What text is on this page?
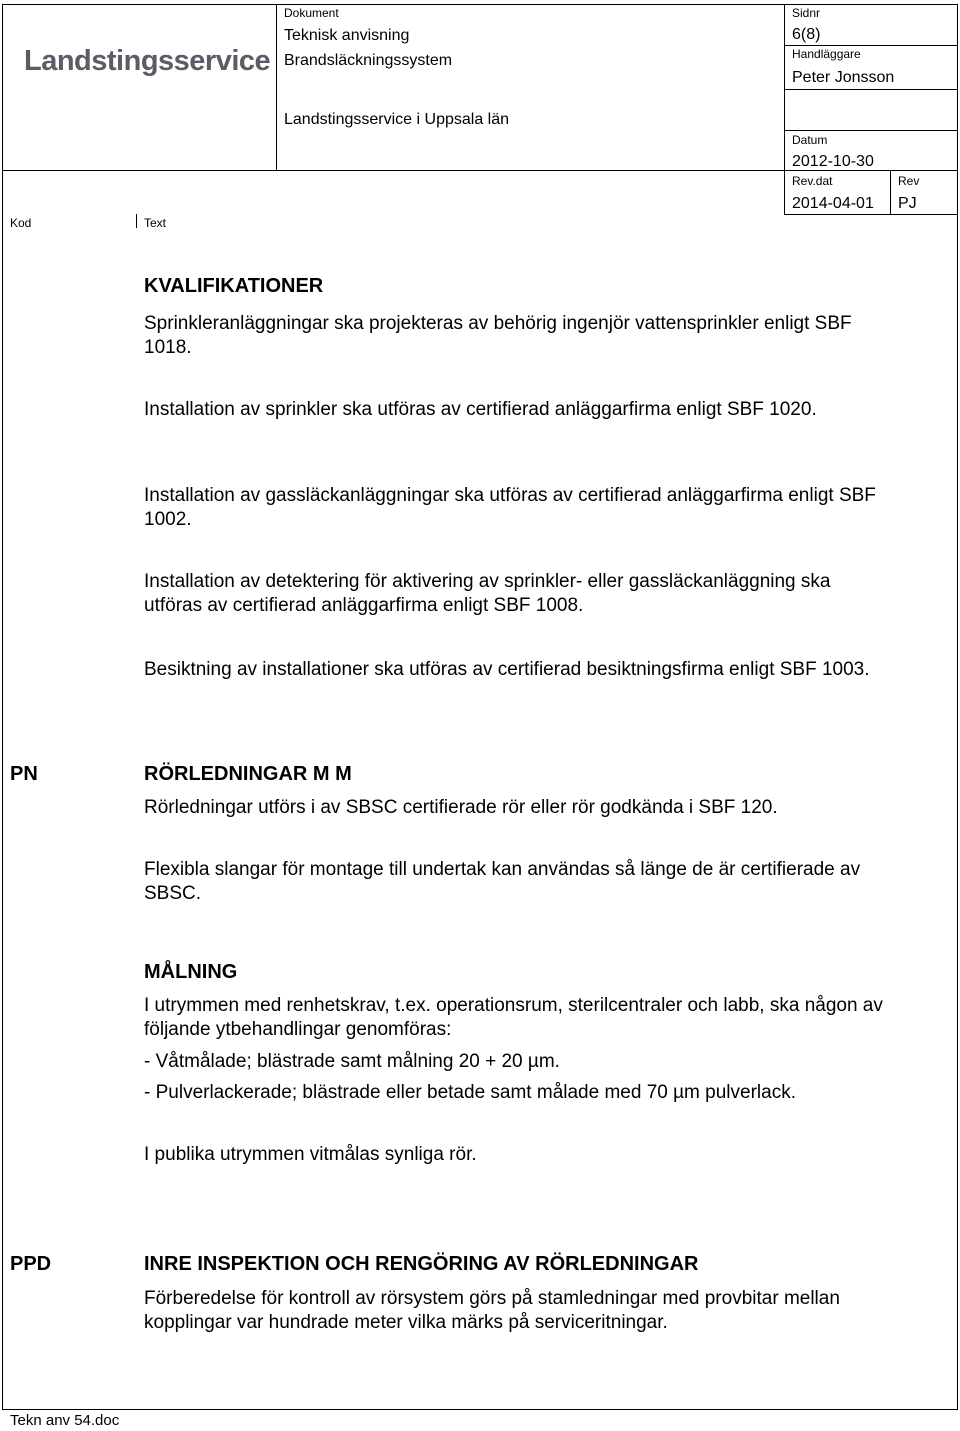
Landstingsservice
Dokument
Teknisk anvisning
Brandsläckningssystem
Landstingsservice i Uppsala län
Sidnr
6(8)
Handläggare
Peter Jonsson
Datum
2012-10-30
Rev.dat
2014-04-01
Rev
PJ
Kod	Text
KVALIFIKATIONER

Sprinkleranläggningar ska projekteras av behörig ingenjör vattensprinkler enligt SBF 1018.

Installation av sprinkler ska utföras av certifierad anläggarfirma enligt SBF 1020.

Installation av gassläckanläggningar ska utföras av certifierad anläggarfirma enligt SBF 1002.

Installation av detektering för aktivering av sprinkler- eller gassläckanläggning ska utföras av certifierad anläggarfirma enligt SBF 1008.

Besiktning av installationer ska utföras av certifierad besiktningsfirma enligt SBF 1003.

PN	RÖRLEDNINGAR M M

Rörledningar utförs i av SBSC certifierade rör eller rör godkända i SBF 120.

Flexibla slangar för montage till undertak kan användas så länge de är certifierade av SBSC.

MÅLNING

I utrymmen med renhetskrav, t.ex. operationsrum, sterilcentraler och labb, ska någon av följande ytbehandlingar genomföras:

- Våtmålade; blästrade samt målning 20 + 20 µm.

- Pulverlackerade; blästrade eller betade samt målade med 70 µm pulverlack.

I publika utrymmen vitmålas synliga rör.

PPD	INRE INSPEKTION OCH RENGÖRING AV RÖRLEDNINGAR

Förberedelse för kontroll av rörsystem görs på stamledningar med provbitar mellan kopplingar var hundrade meter vilka märks på serviceritningar.

Tekn anv 54.doc
